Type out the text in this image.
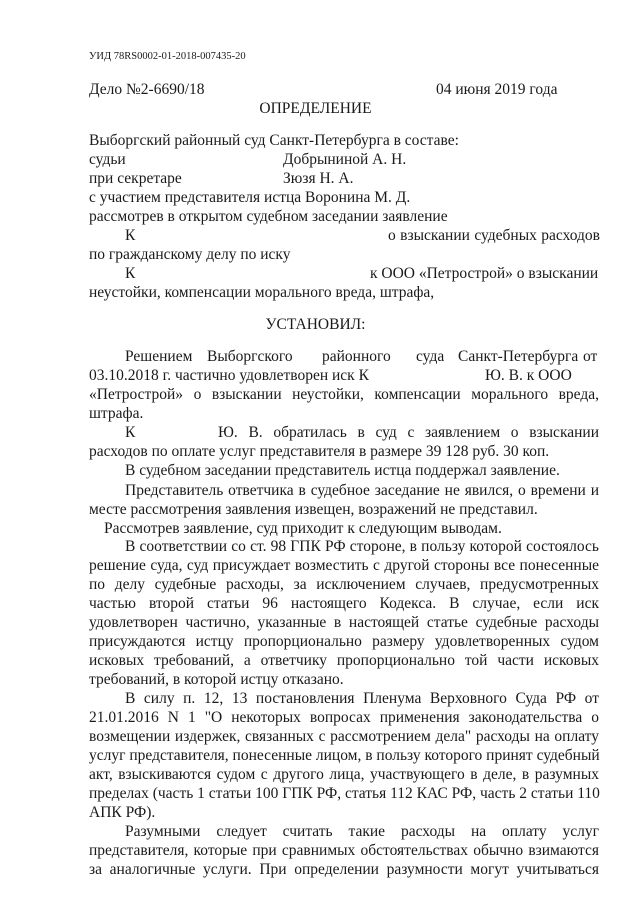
УИД 78RS0002-01-2018-007435-20
Дело №2-6690/18	04 июня 2019 года
ОПРЕДЕЛЕНИЕ
Выборгский районный суд Санкт-Петербурга в составе:
судьи	Добрыниной А. Н.
при секретаре	Зюзя Н. А.
с участием представителя истца Воронина М. Д.
рассмотрев в открытом судебном заседании заявление
К	о взыскании судебных расходов
по гражданскому делу по иску
К	к ООО «Петрострой» о взыскании
неустойки, компенсации морального вреда, штрафа,
УСТАНОВИЛ:
Решением Выборгского районного суда Санкт-Петербурга от
03.10.2018 г. частично удовлетворен иск К	Ю. В. к ООО
«Петрострой» о взыскании неустойки, компенсации морального вреда,
штрафа.
К	Ю. В. обратилась в суд с заявлением о взыскании
расходов по оплате услуг представителя в размере 39 128 руб. 30 коп.
В судебном заседании представитель истца поддержал заявление.
Представитель ответчика в судебное заседание не явился, о времени и
месте рассмотрения заявления извещен, возражений не представил.
Рассмотрев заявление, суд приходит к следующим выводам.
В соответствии со ст. 98 ГПК РФ стороне, в пользу которой состоялось
решение суда, суд присуждает возместить с другой стороны все понесенные
по делу судебные расходы, за исключением случаев, предусмотренных
частью второй статьи 96 настоящего Кодекса. В случае, если иск
удовлетворен частично, указанные в настоящей статье судебные расходы
присуждаются истцу пропорционально размеру удовлетворенных судом
исковых требований, а ответчику пропорционально той части исковых
требований, в которой истцу отказано.
В силу п. 12, 13 постановления Пленума Верховного Суда РФ от
21.01.2016 N 1 "О некоторых вопросах применения законодательства о
возмещении издержек, связанных с рассмотрением дела" расходы на оплату
услуг представителя, понесенные лицом, в пользу которого принят судебный
акт, взыскиваются судом с другого лица, участвующего в деле, в разумных
пределах (часть 1 статьи 100 ГПК РФ, статья 112 КАС РФ, часть 2 статьи 110
АПК РФ).
Разумными следует считать такие расходы на оплату услуг
представителя, которые при сравнимых обстоятельствах обычно взимаются
за аналогичные услуги. При определении разумности могут учитываться
